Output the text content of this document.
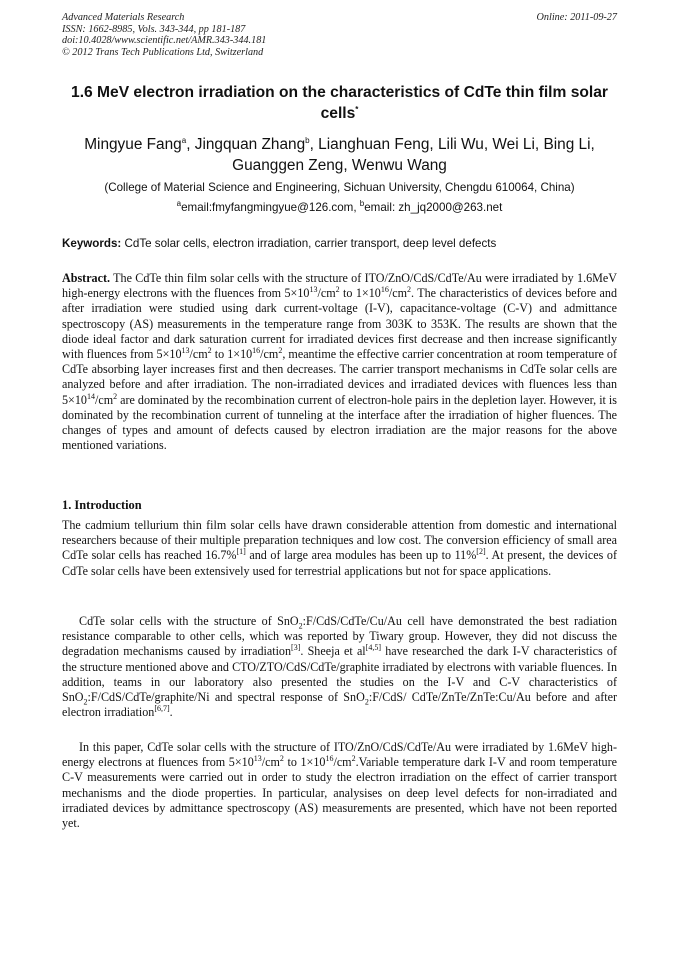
Advanced Materials Research
ISSN: 1662-8985, Vols. 343-344, pp 181-187
doi:10.4028/www.scientific.net/AMR.343-344.181
© 2012 Trans Tech Publications Ltd, Switzerland
Online: 2011-09-27
1.6 MeV electron irradiation on the characteristics of CdTe thin film solar cells*
Mingyue Fang$^a$, Jingquan Zhang$^b$, Lianghuan Feng, Lili Wu, Wei Li, Bing Li, Guanggen Zeng, Wenwu Wang
(College of Material Science and Engineering, Sichuan University, Chengdu 610064, China)
$^a$email:fmyfangmingyue@126.com, $^b$email: zh_jq2000@263.net
Keywords: CdTe solar cells, electron irradiation, carrier transport, deep level defects
Abstract. The CdTe thin film solar cells with the structure of ITO/ZnO/CdS/CdTe/Au were irradiated by 1.6MeV high-energy electrons with the fluences from $5\times 10^{13}/cm^2$ to $1\times 10^{16}/cm^2$. The characteristics of devices before and after irradiation were studied using dark current-voltage (I-V), capacitance-voltage (C-V) and admittance spectroscopy (AS) measurements in the temperature range from 303K to 353K. The results are shown that the diode ideal factor and dark saturation current for irradiated devices first decrease and then increase significantly with fluences from $5\times 10^{13}/cm^2$ to $1\times 10^{16}/cm^2$, meantime the effective carrier concentration at room temperature of CdTe absorbing layer increases first and then decreases. The carrier transport mechanisms in CdTe solar cells are analyzed before and after irradiation. The non-irradiated devices and irradiated devices with fluences less than $5\times 10^{14}/cm^2$ are dominated by the recombination current of electron-hole pairs in the depletion layer. However, it is dominated by the recombination current of tunneling at the interface after the irradiation of higher fluences. The changes of types and amount of defects caused by electron irradiation are the major reasons for the above mentioned variations.
1. Introduction
The cadmium tellurium thin film solar cells have drawn considerable attention from domestic and international researchers because of their multiple preparation techniques and low cost. The conversion efficiency of small area CdTe solar cells has reached 16.7%[1] and of large area modules has been up to 11%[2]. At present, the devices of CdTe solar cells have been extensively used for terrestrial applications but not for space applications.
CdTe solar cells with the structure of SnO$_2$:F/CdS/CdTe/Cu/Au cell have demonstrated the best radiation resistance comparable to other cells, which was reported by Tiwary group. However, they did not discuss the degradation mechanisms caused by irradiation[3]. Sheeja et al[4,5] have researched the dark I-V characteristics of the structure mentioned above and CTO/ZTO/CdS/CdTe/graphite irradiated by electrons with variable fluences. In addition, teams in our laboratory also presented the studies on the I-V and C-V characteristics of SnO$_2$:F/CdS/CdTe/graphite/Ni and spectral response of SnO$_2$:F/CdS/ CdTe/ZnTe/ZnTe:Cu/Au before and after electron irradiation[6,7].
In this paper, CdTe solar cells with the structure of ITO/ZnO/CdS/CdTe/Au were irradiated by 1.6MeV high-energy electrons at fluences from $5\times 10^{13}/cm^2$ to $1\times 10^{16}/cm^2.Variable$ temperature dark I-V and room temperature C-V measurements were carried out in order to study the electron irradiation on the effect of carrier transport mechanisms and the diode properties. In particular, analysises on deep level defects for non-irradiated and irradiated devices by admittance spectroscopy (AS) measurements are presented, which have not been reported yet.
